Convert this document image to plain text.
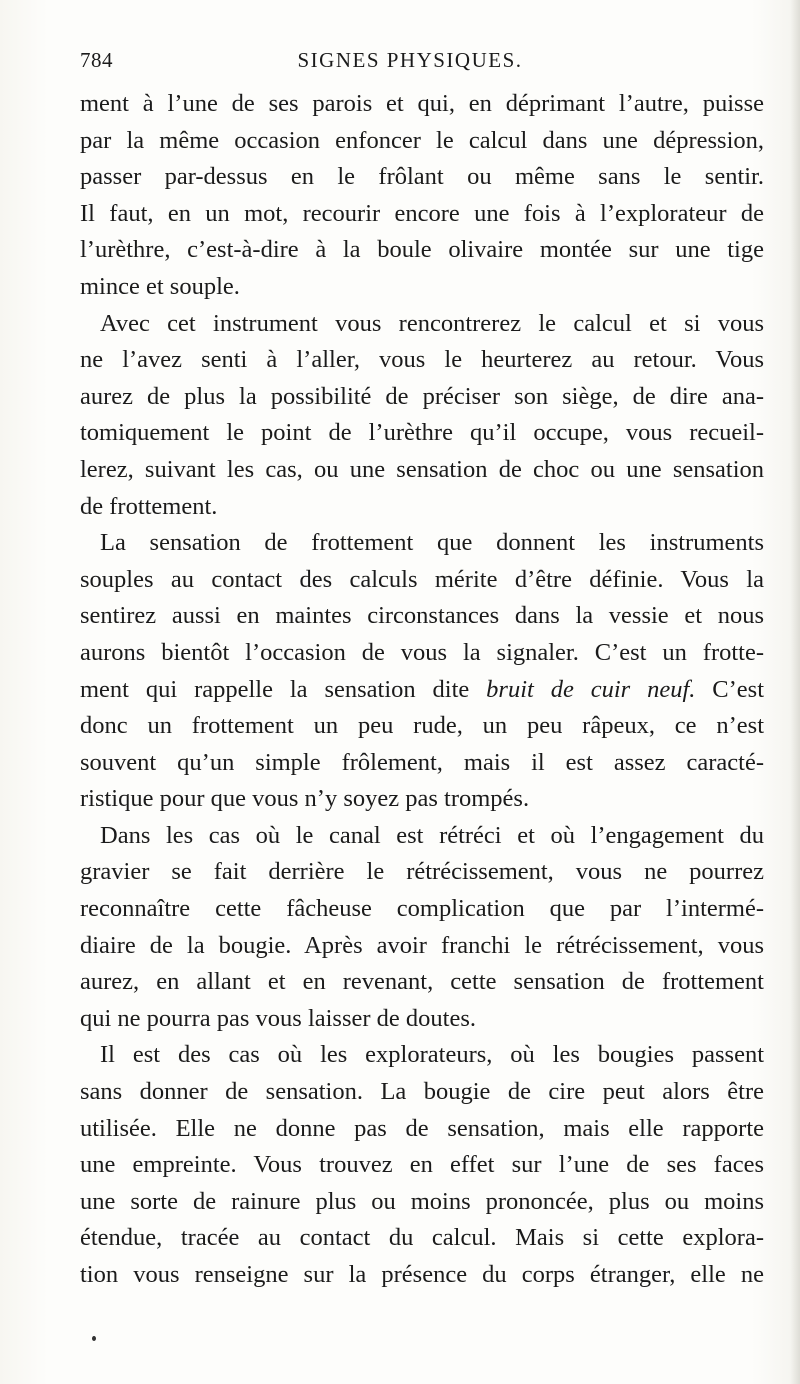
784	SIGNES PHYSIQUES.
ment à l’une de ses parois et qui, en déprimant l’autre, puisse
par la même occasion enfoncer le calcul dans une dépression,
passer par-dessus en le frôlant ou même sans le sentir.
Il faut, en un mot, recourir encore une fois à l’explorateur de
l’urèthre, c’est-à-dire à la boule olivaire montée sur une tige
mince et souple.
Avec cet instrument vous rencontrerez le calcul et si vous
ne l’avez senti à l’aller, vous le heurterez au retour. Vous
aurez de plus la possibilité de préciser son siège, de dire ana-
tomiquement le point de l’urèthre qu’il occupe, vous recueil-
lerez, suivant les cas, ou une sensation de choc ou une sensation
de frottement.
La sensation de frottement que donnent les instruments
souples au contact des calculs mérite d’être définie. Vous la
sentirez aussi en maintes circonstances dans la vessie et nous
aurons bientôt l’occasion de vous la signaler. C’est un frotte-
ment qui rappelle la sensation dite bruit de cuir neuf. C’est
donc un frottement un peu rude, un peu râpeux, ce n’est
souvent qu’un simple frôlement, mais il est assez caracté-
ristique pour que vous n’y soyez pas trompés.
Dans les cas où le canal est rétréci et où l’engagement du
gravier se fait derrière le rétrécissement, vous ne pourrez
reconnaître cette fâcheuse complication que par l’intermé-
diaire de la bougie. Après avoir franchi le rétrécissement, vous
aurez, en allant et en revenant, cette sensation de frottement
qui ne pourra pas vous laisser de doutes.
Il est des cas où les explorateurs, où les bougies passent
sans donner de sensation. La bougie de cire peut alors être
utilisée. Elle ne donne pas de sensation, mais elle rapporte
une empreinte. Vous trouvez en effet sur l’une de ses faces
une sorte de rainure plus ou moins prononcée, plus ou moins
étendue, tracée au contact du calcul. Mais si cette explora-
tion vous renseigne sur la présence du corps étranger, elle ne
